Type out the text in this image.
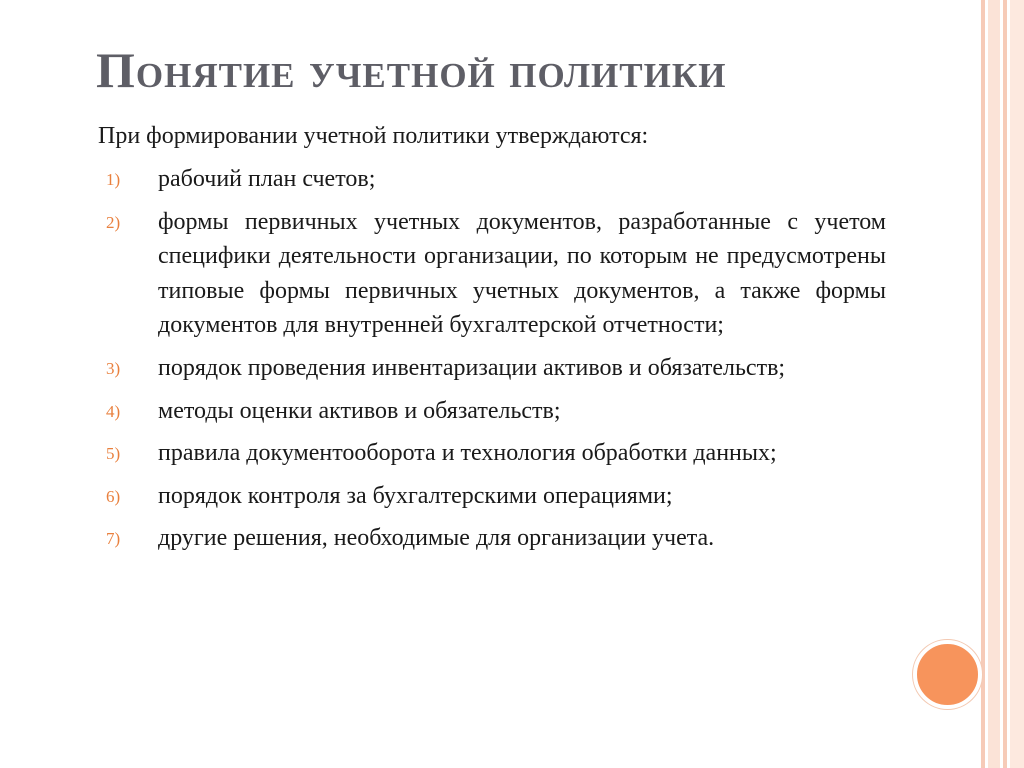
Понятие учетной политики
При формировании учетной политики утверждаются:
1) рабочий план счетов;
2) формы первичных учетных документов, разработанные с учетом специфики деятельности организации, по которым не предусмотрены типовые формы первичных учетных документов, а также формы документов для внутренней бухгалтерской отчетности;
3) порядок проведения инвентаризации активов и обязательств;
4) методы оценки активов и обязательств;
5) правила документооборота и технология обработки данных;
6) порядок контроля за бухгалтерскими операциями;
7) другие решения, необходимые для организации учета.
